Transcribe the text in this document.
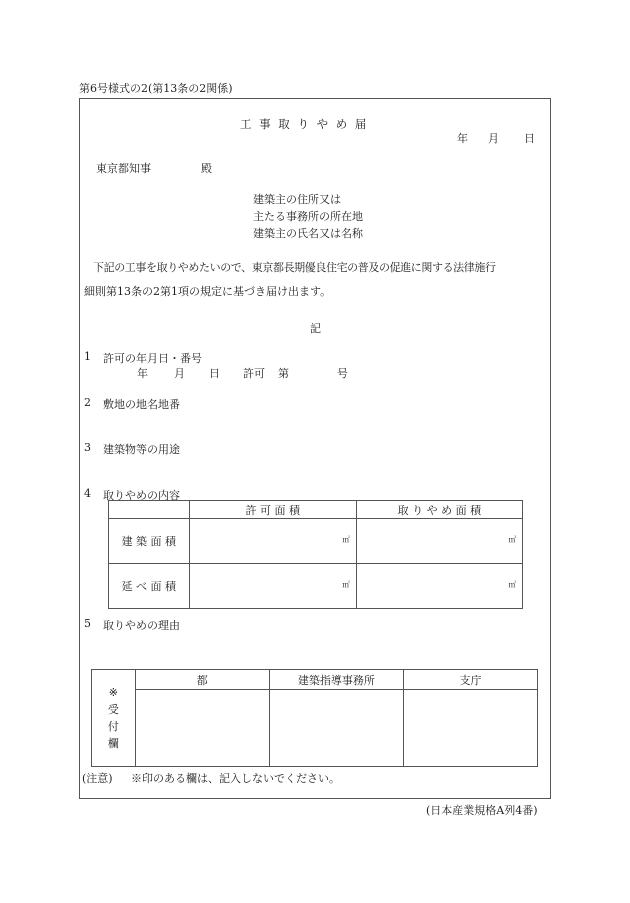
第6号様式の2(第13条の2関係)
工 事 取 り や め 届
年 月 日
東京都知事	殿
建築主の住所又は
主たる事務所の所在地
建築主の氏名又は名称
下記の工事を取りやめたいので、東京都長期優良住宅の普及の促進に関する法律施行
細則第13条の2第1項の規定に基づき届け出ます。
記
1 許可の年月日・番号
年 月 日 許可 第	号
2 敷地の地名地番
3 建築物等の用途
4 取りやめの内容
	許 可 面 積	取 り や め 面 積
建 築 面 積	㎡	㎡

延 べ 面 積	㎡	㎡
5 取りやめの理由
※
受
付
欄	都	建築指導事務所	支庁

(注意) ※印のある欄は、記入しないでください。
(日本産業規格A列4番)
